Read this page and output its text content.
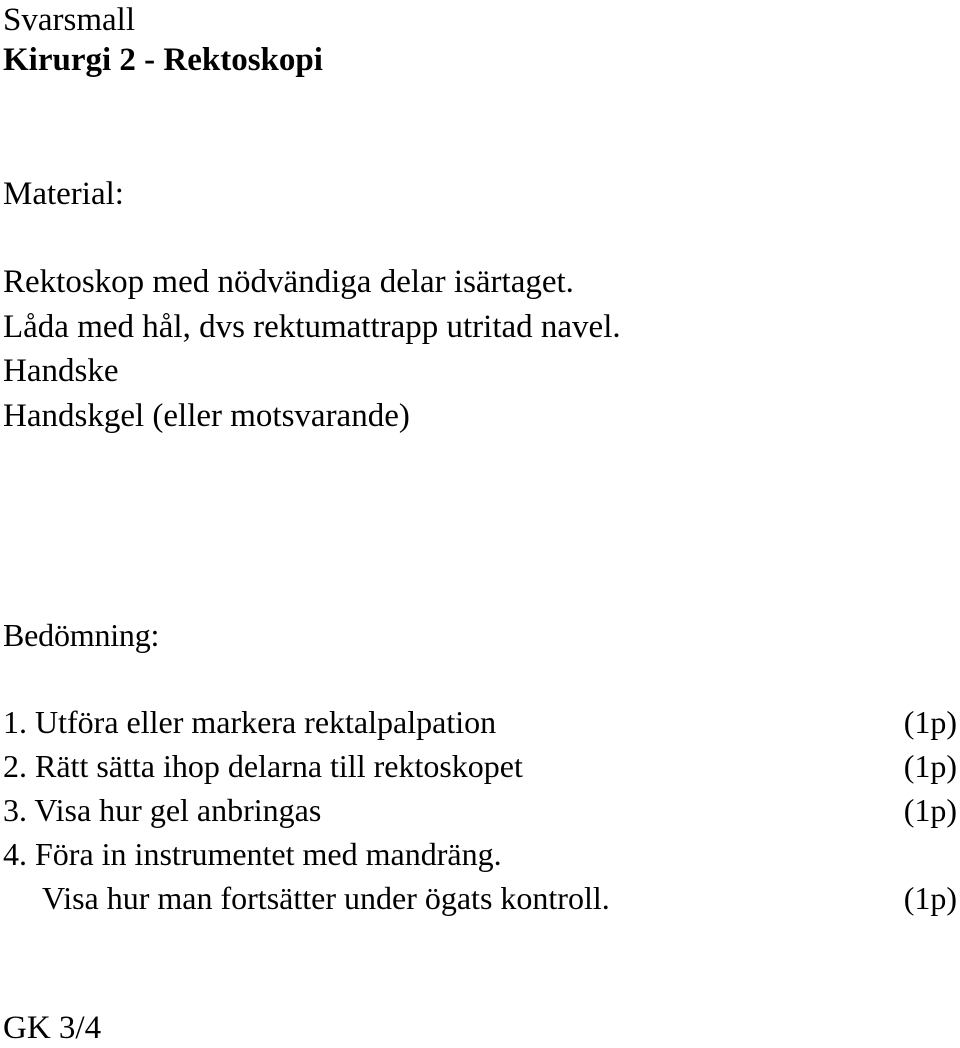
Svarsmall
Kirurgi 2 - Rektoskopi
Material:
Rektoskop med nödvändiga delar isärtaget.
Låda med hål, dvs rektumattrapp utritad navel.
Handske
Handskgel (eller motsvarande)
Bedömning:
1. Utföra eller markera rektalpalpation	(1p)
2. Rätt sätta ihop delarna till rektoskopet	(1p)
3. Visa hur gel anbringas	(1p)
4. Föra in instrumentet med mandräng.
Visa hur man fortsätter under ögats kontroll.	(1p)
GK 3/4
